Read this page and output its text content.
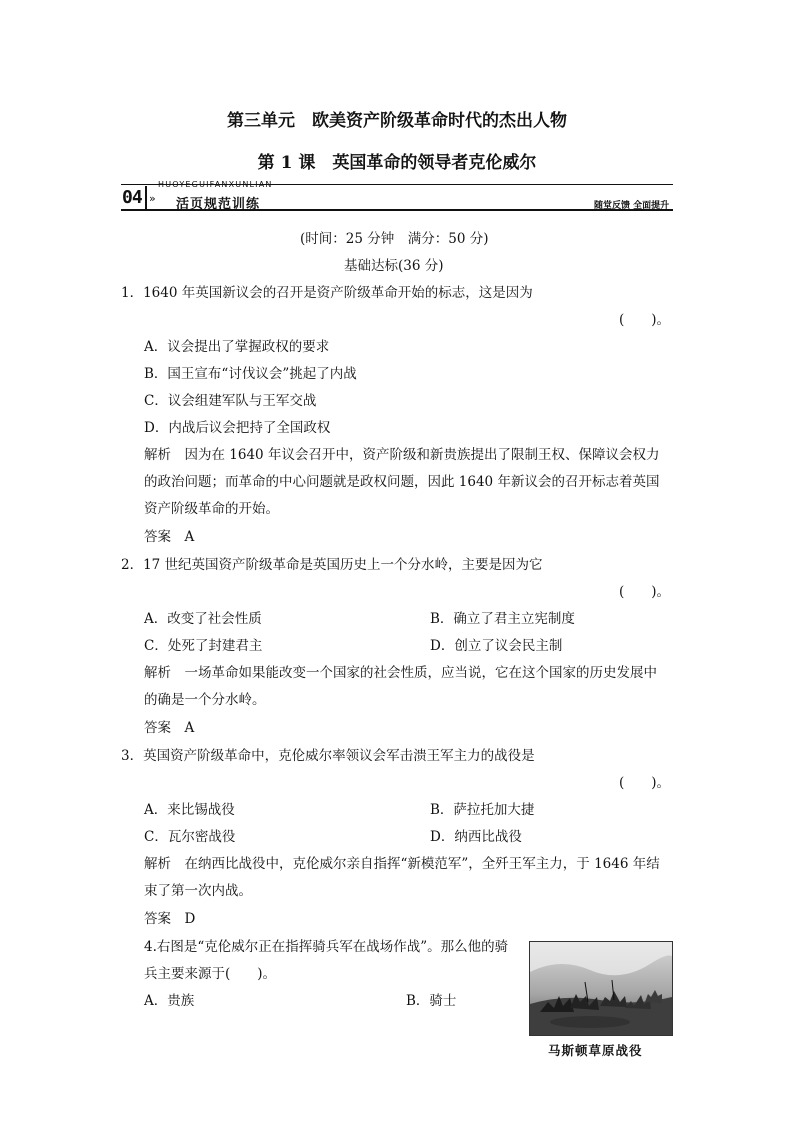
第三单元　欧美资产阶级革命时代的杰出人物
第 1 课　英国革命的领导者克伦威尔
04 »
HUOYEGUIFANXUNLIAN
活页规范训练	随堂反馈 全面提升
(时间：25 分钟　满分：50 分)
基础达标(36 分)
1．1640 年英国新议会的召开是资产阶级革命开始的标志，这是因为
(　　)。
A．议会提出了掌握政权的要求
B．国王宣布“讨伐议会”挑起了内战
C．议会组建军队与王军交战
D．内战后议会把持了全国政权
解析　因为在 1640 年议会召开中，资产阶级和新贵族提出了限制王权、保障议会权力
的政治问题；而革命的中心问题就是政权问题，因此 1640 年新议会的召开标志着英国
资产阶级革命的开始。
答案　A
2．17 世纪英国资产阶级革命是英国历史上一个分水岭，主要是因为它
(　　)。
A．改变了社会性质	B．确立了君主立宪制度
C．处死了封建君主	D．创立了议会民主制
解析　一场革命如果能改变一个国家的社会性质，应当说，它在这个国家的历史发展中
的确是一个分水岭。
答案　A
3．英国资产阶级革命中，克伦威尔率领议会军击溃王军主力的战役是
(　　)。
A．来比锡战役	B．萨拉托加大捷
C．瓦尔密战役	D．纳西比战役
解析　在纳西比战役中，克伦威尔亲自指挥“新模范军”，全歼王军主力，于 1646 年结
束了第一次内战。
答案　D
4.右图是“克伦威尔正在指挥骑兵军在战场作战”。那么他的骑
兵主要来源于(　　)。
A．贵族	B．骑士
马斯顿草原战役
